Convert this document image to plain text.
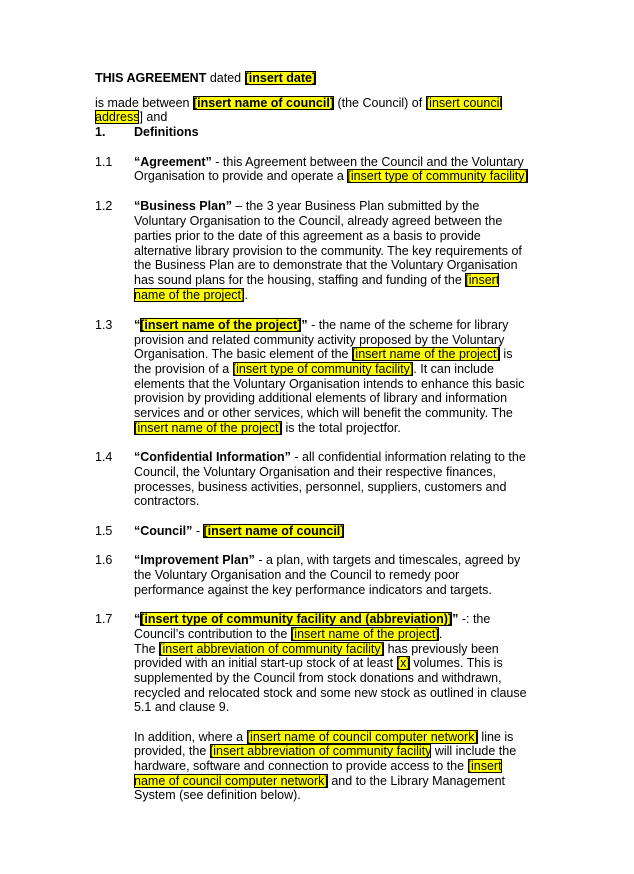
THIS AGREEMENT dated [insert date]
is made between [insert name of council] (the Council) of [insert council
address] and
1. Definitions
1.1 “Agreement” - this Agreement between the Council and the Voluntary
Organisation to provide and operate a [insert type of community facility]
1.2 “Business Plan” – the 3 year Business Plan submitted by the
Voluntary Organisation to the Council, already agreed between the
parties prior to the date of this agreement as a basis to provide
alternative library provision to the community. The key requirements of
the Business Plan are to demonstrate that the Voluntary Organisation
has sound plans for the housing, staffing and funding of the [insert
name of the project].
1.3 “[insert name of the project]” - the name of the scheme for library
provision and related community activity proposed by the Voluntary
Organisation. The basic element of the [insert name of the project] is
the provision of a [insert type of community facility]. It can include
elements that the Voluntary Organisation intends to enhance this basic
provision by providing additional elements of library and information
services and or other services, which will benefit the community. The
[insert name of the project] is the total projectfor.
1.4 “Confidential Information” - all confidential information relating to the
Council, the Voluntary Organisation and their respective finances,
processes, business activities, personnel, suppliers, customers and
contractors.
1.5 “Council” - [insert name of council]
1.6 “Improvement Plan” - a plan, with targets and timescales, agreed by
the Voluntary Organisation and the Council to remedy poor
performance against the key performance indicators and targets.
1.7 “[insert type of community facility and (abbreviation)]” -: the
Council’s contribution to the [insert name of the project].
The [insert abbreviation of community facility] has previously been
provided with an initial start-up stock of at least [x] volumes. This is
supplemented by the Council from stock donations and withdrawn,
recycled and relocated stock and some new stock as outlined in clause
5.1 and clause 9.
In addition, where a [insert name of council computer network] line is
provided, the [insert abbreviation of community facility will include the
hardware, software and connection to provide access to the [insert
name of council computer network] and to the Library Management
System (see definition below).
